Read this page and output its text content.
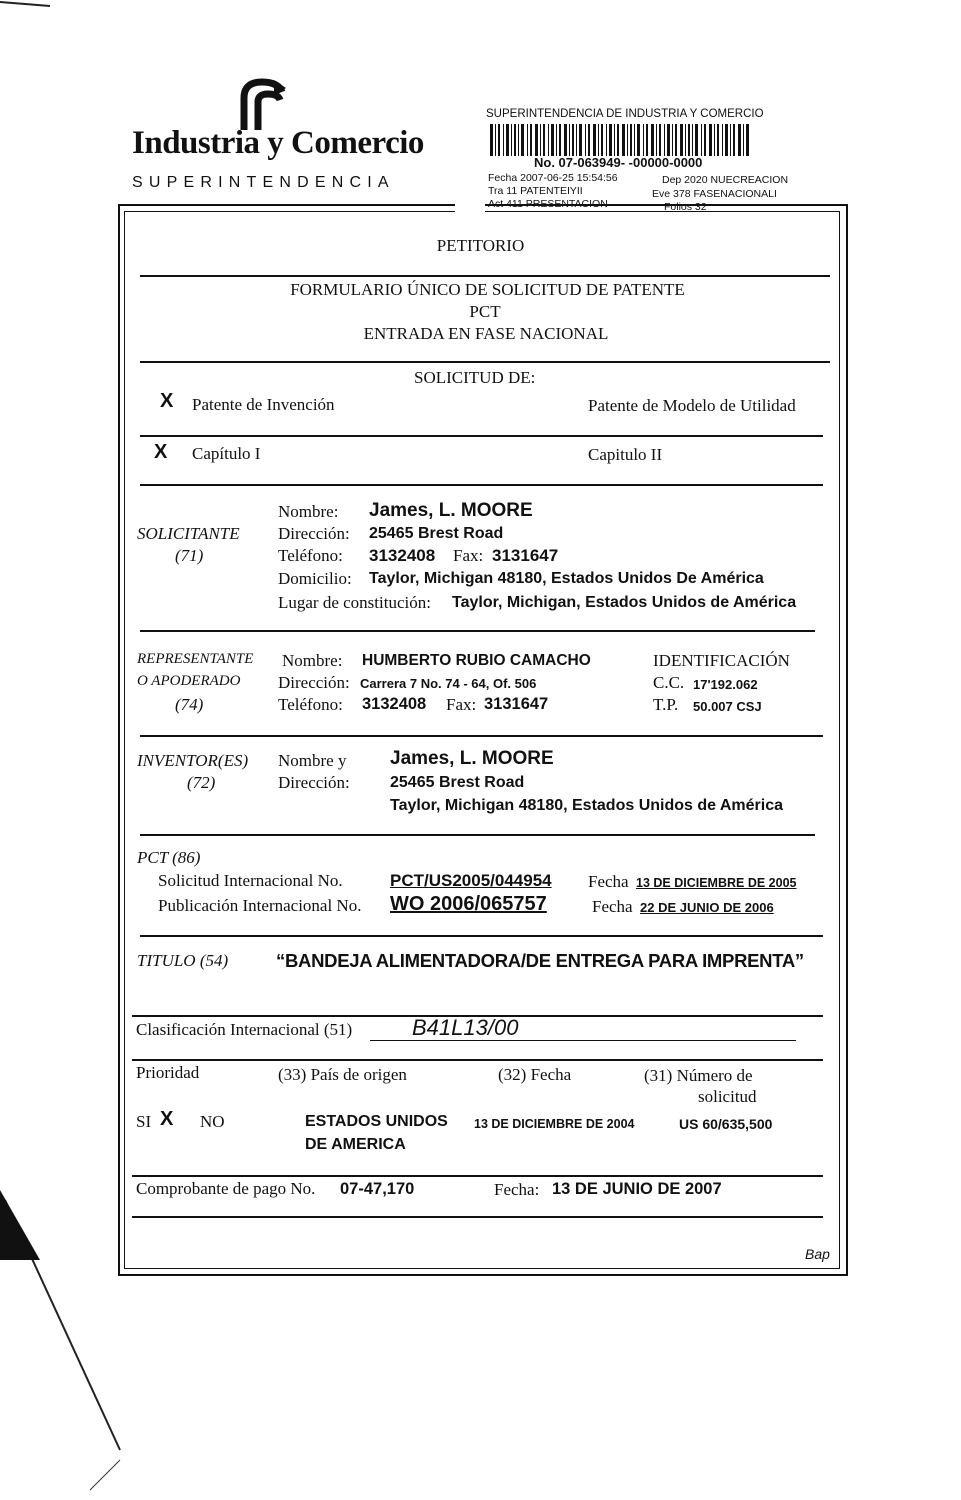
Industria y Comercio
SUPERINTENDENCIA
SUPERINTENDENCIA DE INDUSTRIA Y COMERCIO
No. 07-063949- -00000-0000
Fecha 2007-06-25 15:54:56	Dep 2020 NUECREACION
Tra 11 PATENTEIYII	Eve 378 FASENACIONALI
Act 411 PRESENTACION	Folios 32
PETITORIO
FORMULARIO ÚNICO DE SOLICITUD DE PATENTE
PCT
ENTRADA EN FASE NACIONAL
SOLICITUD DE:
X Patente de Invención	Patente de Modelo de Utilidad
X Capítulo I	Capitulo II
SOLICITANTE
(71)
Nombre: James, L. MOORE
Dirección: 25465 Brest Road
Teléfono: 3132408 Fax: 3131647
Domicilio: Taylor, Michigan 48180, Estados Unidos De América
Lugar de constitución: Taylor, Michigan, Estados Unidos de América
REPRESENTANTE
O APODERADO
(74)
Nombre: HUMBERTO RUBIO CAMACHO
Dirección: Carrera 7 No. 74 - 64, Of. 506
Teléfono: 3132408 Fax: 3131647
IDENTIFICACIÓN
C.C. 17'192.062
T.P. 50.007 CSJ
INVENTOR(ES)
(72)
Nombre y
Dirección:
James, L. MOORE
25465 Brest Road
Taylor, Michigan 48180, Estados Unidos de América
PCT (86)
Solicitud Internacional No.	PCT/US2005/044954 Fecha 13 DE DICIEMBRE DE 2005
Publicación Internacional No. WO 2006/065757	Fecha 22 DE JUNIO DE 2006
TITULO (54)	“BANDEJA ALIMENTADORA/DE ENTREGA PARA IMPRENTA”
Clasificación Internacional (51)	B41L13/00
Prioridad	(33) País de origen	(32) Fecha	(31) Número de
solicitud
SI X NO	ESTADOS UNIDOS
DE AMERICA
13 DE DICIEMBRE DE 2004	US 60/635,500
Comprobante de pago No. 07-47,170	Fecha: 13 DE JUNIO DE 2007
Bap
